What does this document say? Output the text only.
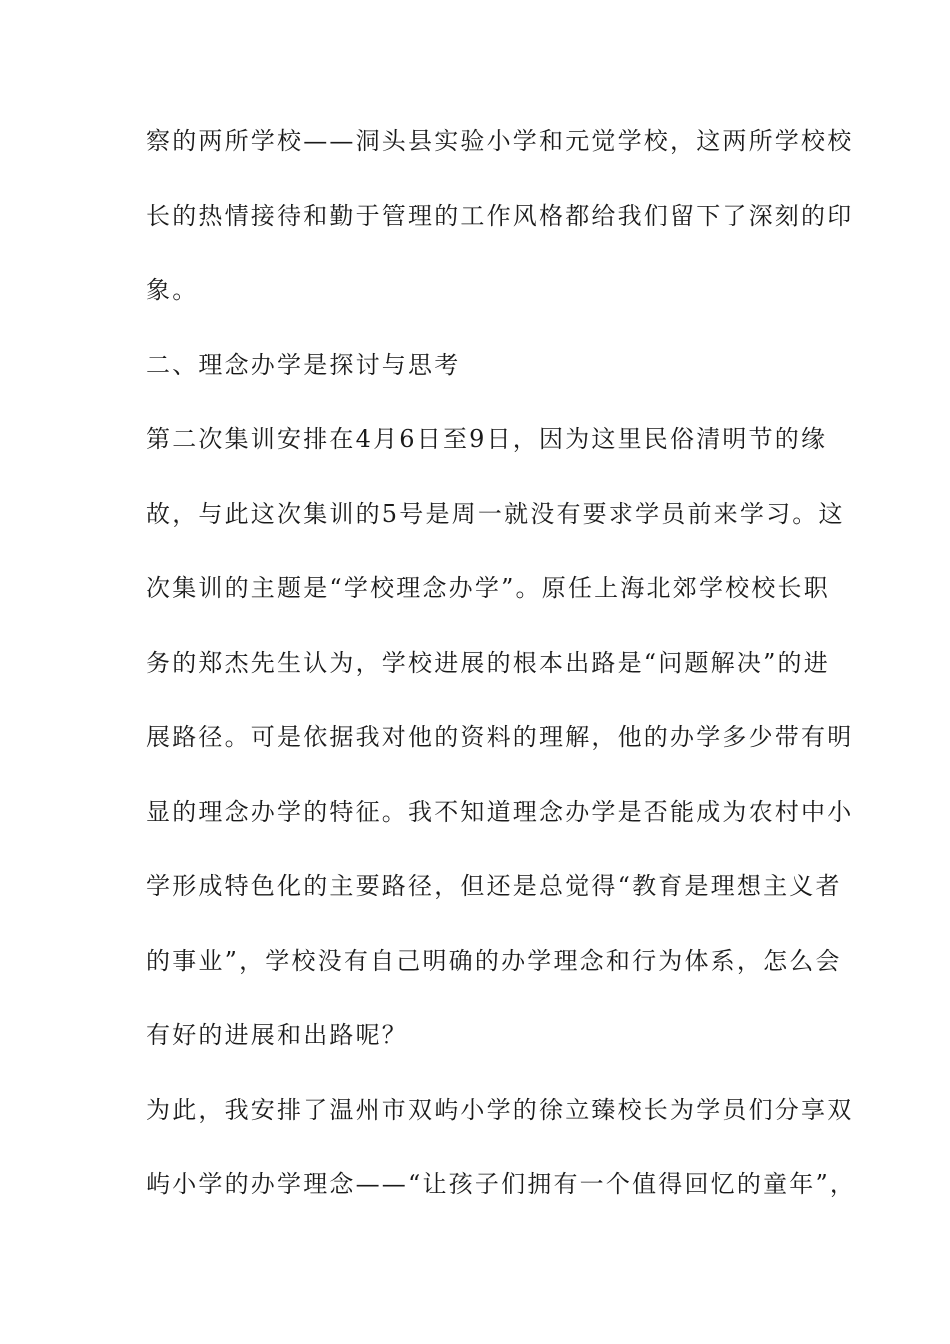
察的两所学校——洞头县实验小学和元觉学校，这两所学校校
长的热情接待和勤于管理的工作风格都给我们留下了深刻的印
象。
二、理念办学是探讨与思考
第二次集训安排在4月6日至9日，因为这里民俗清明节的缘
故，与此这次集训的5号是周一就没有要求学员前来学习。这
次集训的主题是“学校理念办学”。原任上海北郊学校校长职
务的郑杰先生认为，学校进展的根本出路是“问题解决”的进
展路径。可是依据我对他的资料的理解，他的办学多少带有明
显的理念办学的特征。我不知道理念办学是否能成为农村中小
学形成特色化的主要路径，但还是总觉得“教育是理想主义者
的事业”，学校没有自己明确的办学理念和行为体系，怎么会
有好的进展和出路呢？
为此，我安排了温州市双屿小学的徐立臻校长为学员们分享双
屿小学的办学理念——“让孩子们拥有一个值得回忆的童年”，
